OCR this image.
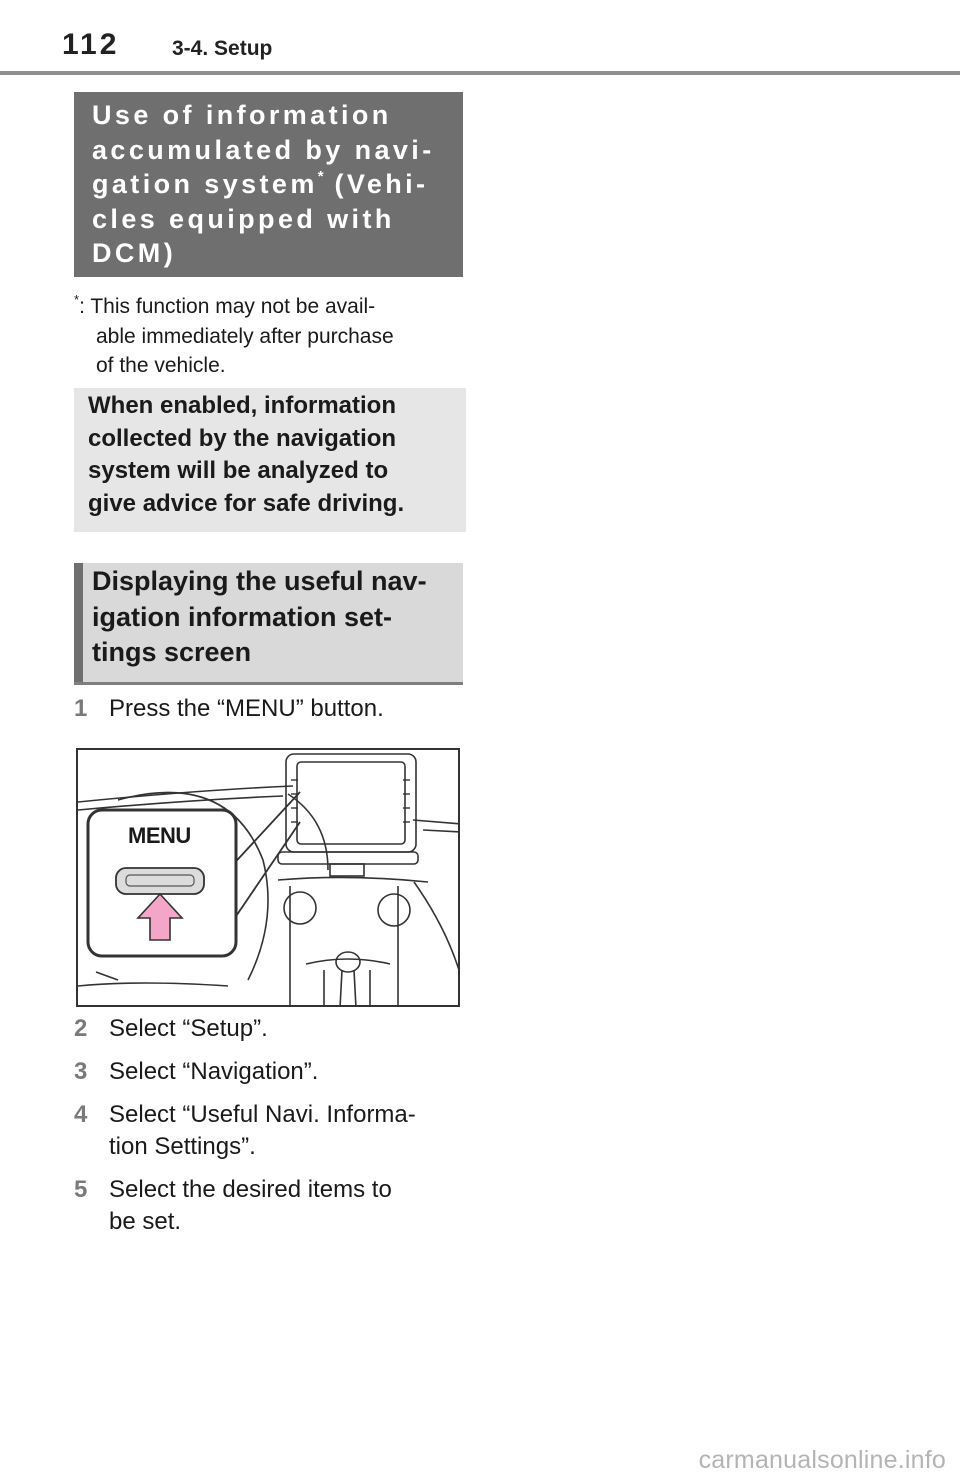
112	3-4. Setup
Use of information
accumulated by navi-
gation system* (Vehi-
cles equipped with
DCM)
*: This function may not be avail-
able immediately after purchase
of the vehicle.
When enabled, information
collected by the navigation
system will be analyzed to
give advice for safe driving.
Displaying the useful nav-
igation information set-
tings screen
1 Press the “MENU” button.
MENU
2 Select “Setup”.
3 Select “Navigation”.
4 Select “Useful Navi. Informa-
tion Settings”.
5 Select the desired items to
be set.
carmanualsonline.info
